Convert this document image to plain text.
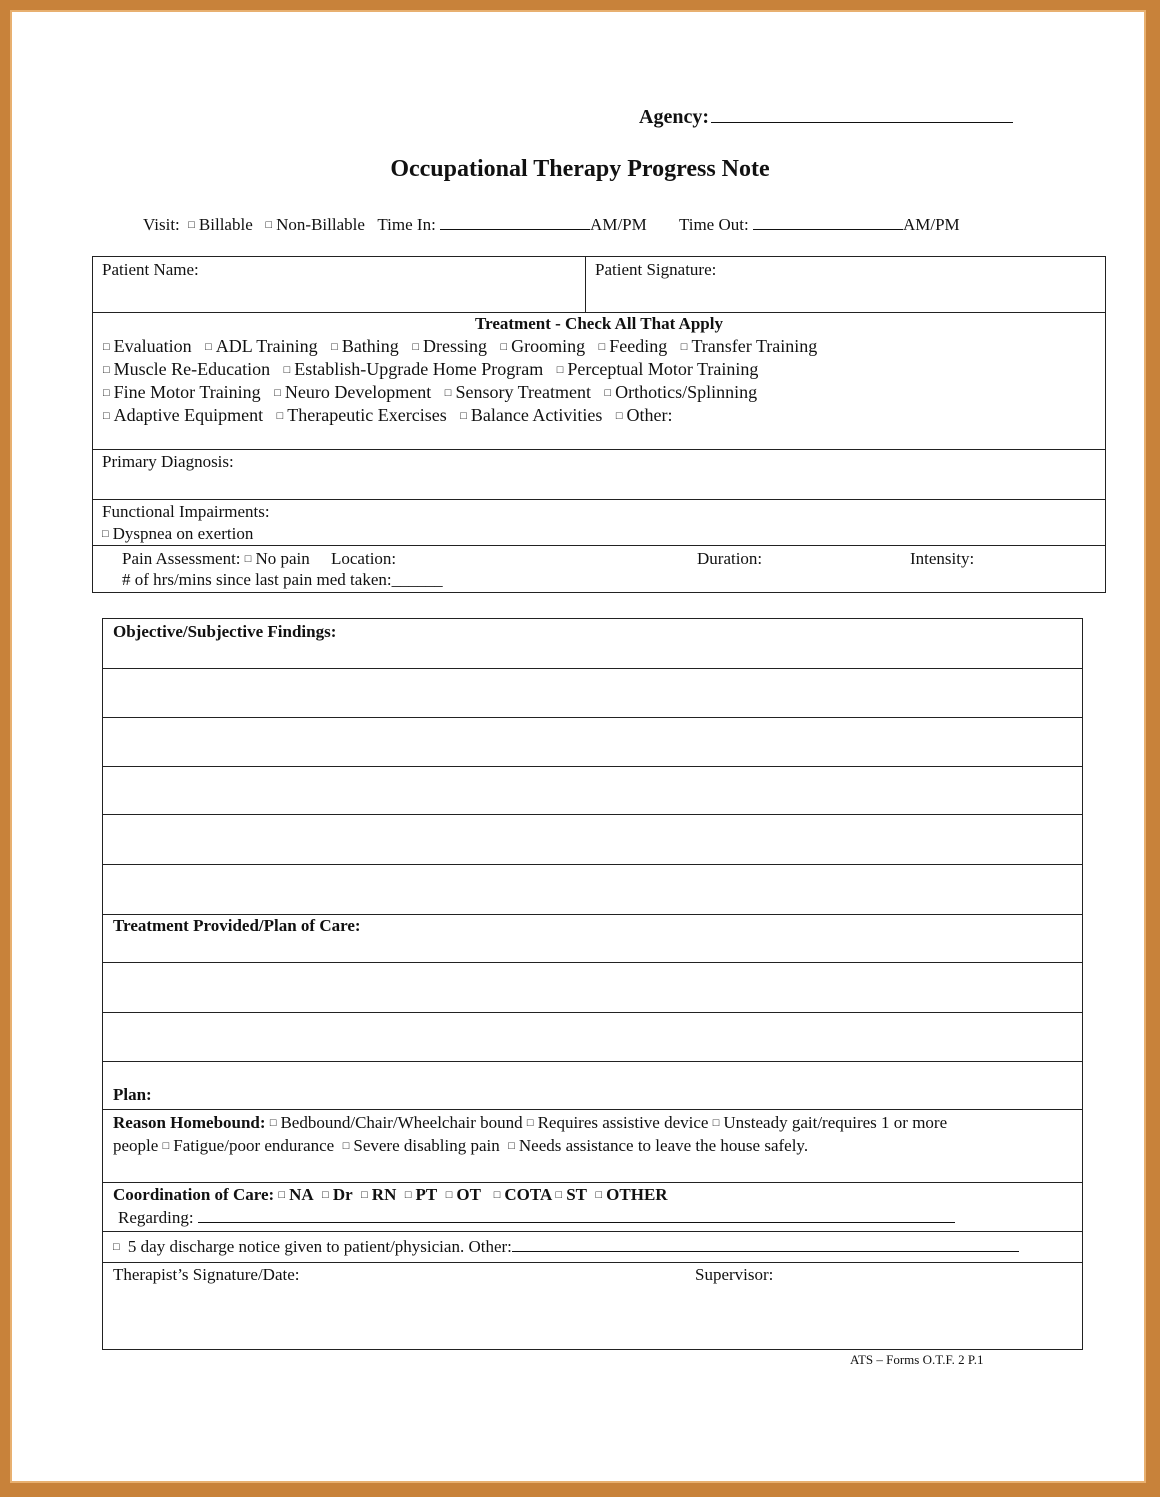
Agency:
Occupational Therapy Progress Note
Visit: □ Billable □ Non-Billable Time In:	AM/PM Time Out:	AM/PM
Patient Name:	Patient Signature:
Treatment - Check All That Apply
□ Evaluation □ ADL Training □ Bathing □ Dressing □ Grooming □ Feeding □ Transfer Training
□ Muscle Re-Education □ Establish-Upgrade Home Program □ Perceptual Motor Training
□ Fine Motor Training □ Neuro Development □ Sensory Treatment □ Orthotics/Splinning
□ Adaptive Equipment □ Therapeutic Exercises □ Balance Activities □ Other:
Primary Diagnosis:
Functional Impairments:
□ Dyspnea on exertion
Pain Assessment: □ No pain Location:	Duration:	Intensity:
# of hrs/mins since last pain med taken:______
Objective/Subjective Findings:
Treatment Provided/Plan of Care:
Plan:
Reason Homebound: □ Bedbound/Chair/Wheelchair bound □ Requires assistive device □ Unsteady gait/requires 1 or more
people □ Fatigue/poor endurance □ Severe disabling pain □ Needs assistance to leave the house safely.
Coordination of Care: □ NA □ Dr □ RN □ PT □ OT □ COTA □ ST □ OTHER
Regarding:
□ 5 day discharge notice given to patient/physician. Other:
Therapist’s Signature/Date:	Supervisor:
ATS – Forms O.T.F. 2 P.1
